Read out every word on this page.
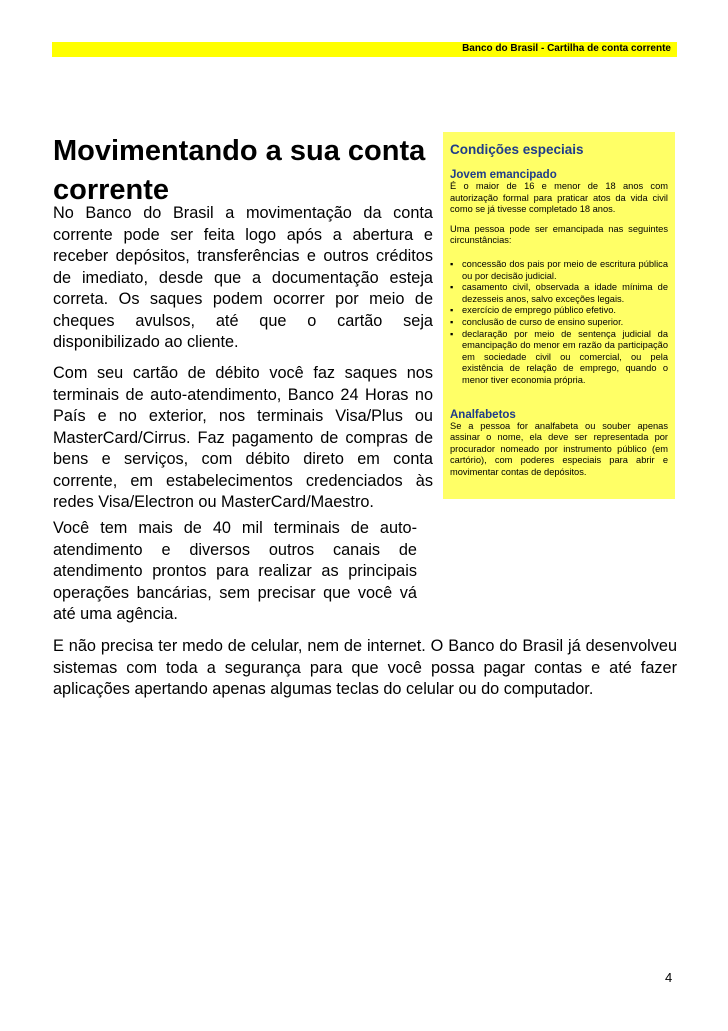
Banco do Brasil - Cartilha de conta corrente
Movimentando a sua conta corrente

No Banco do Brasil a movimentação da conta corrente pode ser feita logo após a abertura e receber depósitos, transferências e outros créditos de imediato, desde que a documentação esteja correta. Os saques podem ocorrer por meio de cheques avulsos, até que o cartão seja disponibilizado ao cliente.

Com seu cartão de débito você faz saques nos terminais de auto-atendimento, Banco 24 Horas no País e no exterior, nos terminais Visa/Plus ou MasterCard/Cirrus. Faz pagamento de compras de bens e serviços, com débito direto em conta corrente, em estabelecimentos credenciados às redes Visa/Electron ou MasterCard/Maestro.

Você tem mais de 40 mil terminais de auto-atendimento e diversos outros canais de atendimento prontos para realizar as principais operações bancárias, sem precisar que você vá até uma agência.

E não precisa ter medo de celular, nem de internet. O Banco do Brasil já desenvolveu sistemas com toda a segurança para que você possa pagar contas e até fazer aplicações apertando apenas algumas teclas do celular ou do computador.

Condições especiais

Jovem emancipado

É o maior de 16 e menor de 18 anos com autorização formal para praticar atos da vida civil como se já tivesse completado 18 anos.

Uma pessoa pode ser emancipada nas seguintes circunstâncias:

▪ concessão dos pais por meio de escritura pública ou por decisão judicial.
▪ casamento civil, observada a idade mínima de dezesseis anos, salvo exceções legais.
▪ exercício de emprego público efetivo.
▪ conclusão de curso de ensino superior.
▪ declaração por meio de sentença judicial da emancipação do menor em razão da participação em sociedade civil ou comercial, ou pela existência de relação de emprego, quando o menor tiver economia própria.

Analfabetos

Se a pessoa for analfabeta ou souber apenas assinar o nome, ela deve ser representada por procurador nomeado por instrumento público (em cartório), com poderes especiais para abrir e movimentar contas de depósitos.

4
